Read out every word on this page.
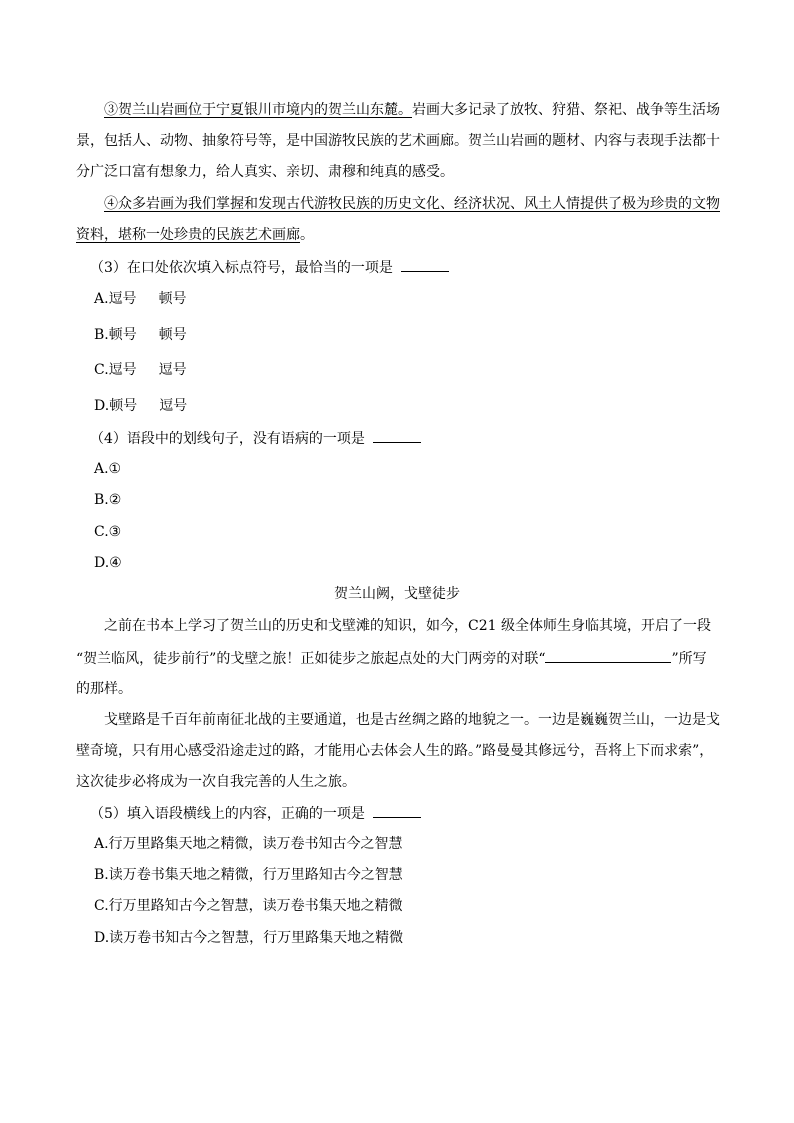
③贺兰山岩画位于宁夏银川市境内的贺兰山东麓。岩画大多记录了放牧、狩猎、祭祀、战争等生活场
景，包括人、动物、抽象符号等，是中国游牧民族的艺术画廊。贺兰山岩画的题材、内容与表现手法都十
分广泛口富有想象力，给人真实、亲切、肃穆和纯真的感受。
④众多岩画为我们掌握和发现古代游牧民族的历史文化、经济状况、风土人情提供了极为珍贵的文物
资料，堪称一处珍贵的民族艺术画廊。
（3）在口处依次填入标点符号，最恰当的一项是
A.逗号 顿号
B.顿号 顿号
C.逗号 逗号
D.顿号 逗号
（4）语段中的划线句子，没有语病的一项是
A.①
B.②
C.③
D.④
贺兰山阙，戈壁徒步
之前在书本上学习了贺兰山的历史和戈壁滩的知识，如今，C21 级全体师生身临其境，开启了一段
“贺兰临风，徒步前行”的戈壁之旅！正如徒步之旅起点处的大门两旁的对联“	”所写
的那样。
戈壁路是千百年前南征北战的主要通道，也是古丝绸之路的地貌之一。一边是巍巍贺兰山，一边是戈
壁奇境，只有用心感受沿途走过的路，才能用心去体会人生的路。”路曼曼其修远兮，吾将上下而求索”，
这次徒步必将成为一次自我完善的人生之旅。
（5）填入语段横线上的内容，正确的一项是
A.行万里路集天地之精微，读万卷书知古今之智慧
B.读万卷书集天地之精微，行万里路知古今之智慧
C.行万里路知古今之智慧，读万卷书集天地之精微
D.读万卷书知古今之智慧，行万里路集天地之精微
